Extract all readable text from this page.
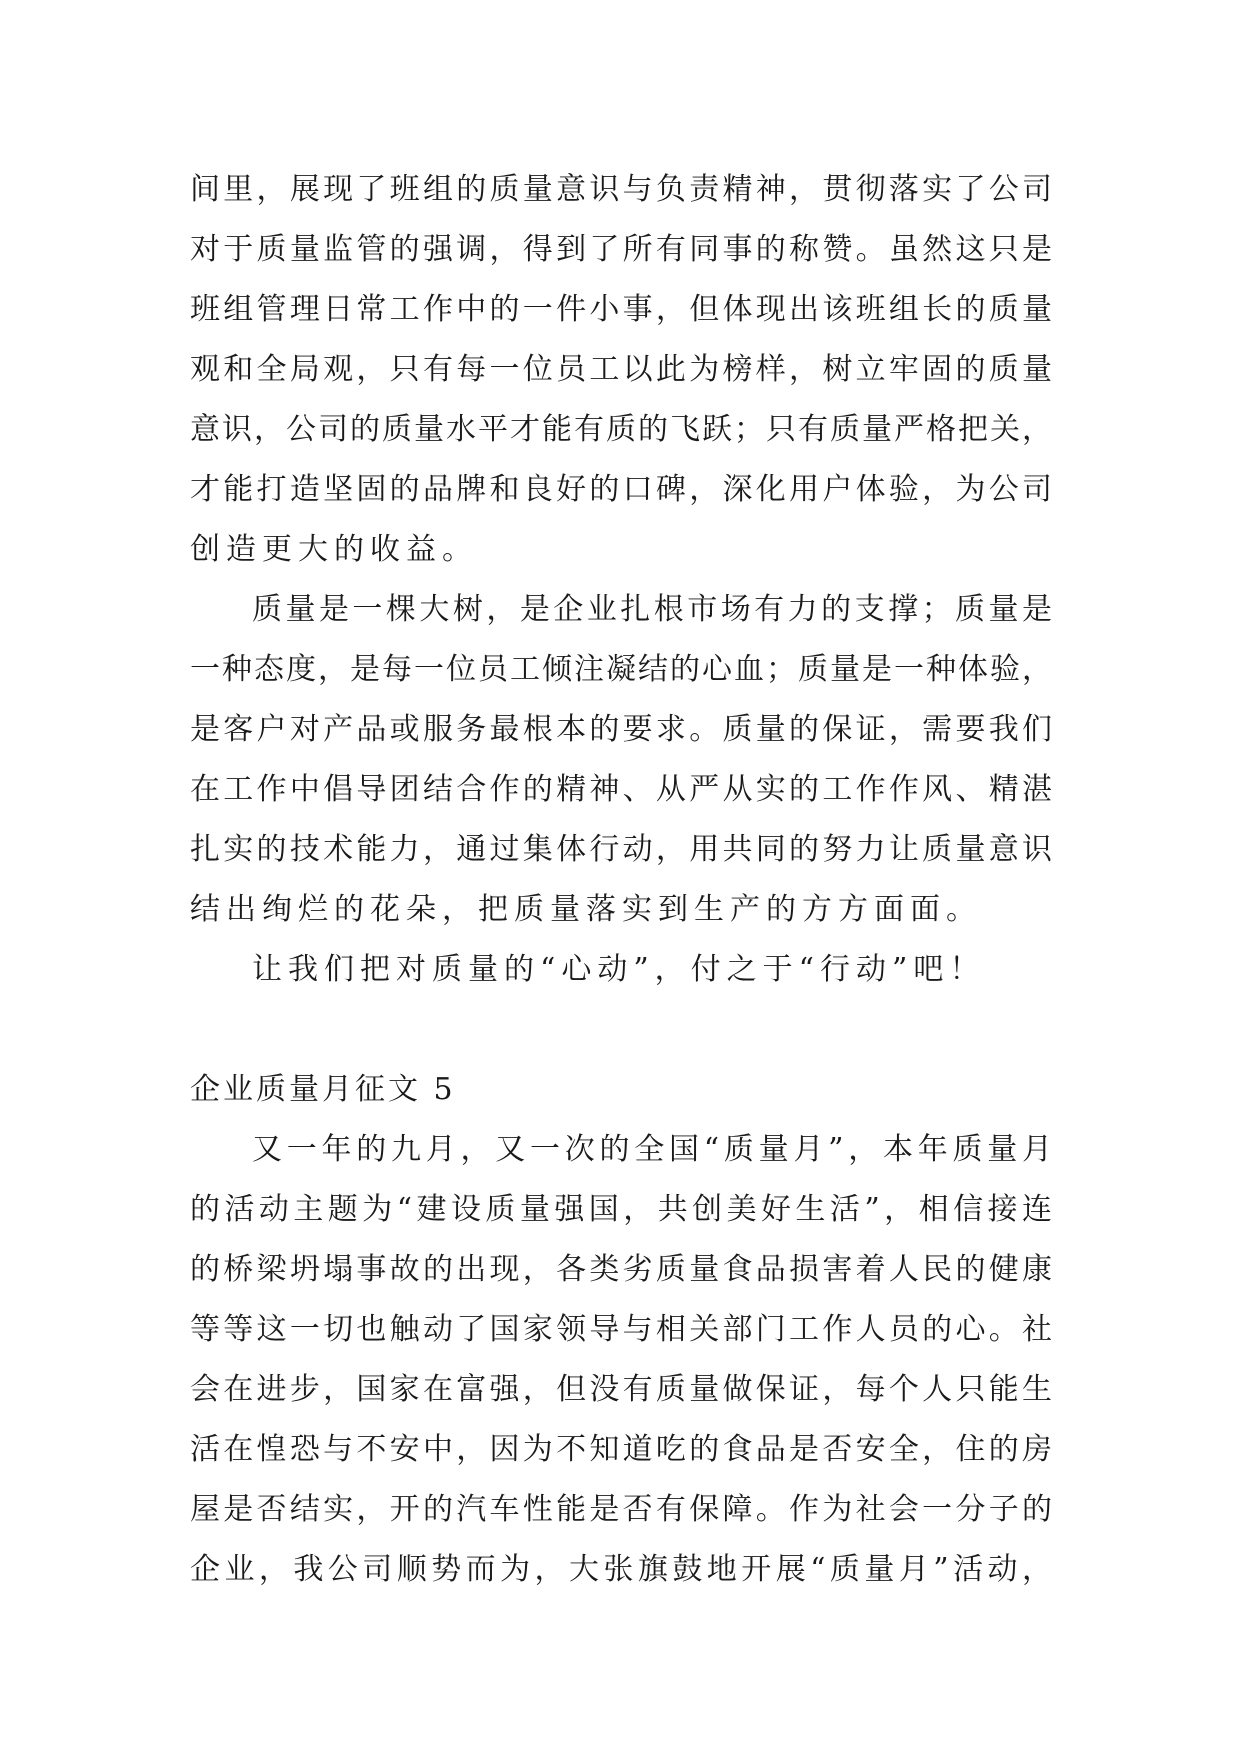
间里，展现了班组的质量意识与负责精神，贯彻落实了公司
对于质量监管的强调，得到了所有同事的称赞。虽然这只是
班组管理日常工作中的一件小事，但体现出该班组长的质量
观和全局观，只有每一位员工以此为榜样，树立牢固的质量
意识，公司的质量水平才能有质的飞跃；只有质量严格把关，
才能打造坚固的品牌和良好的口碑，深化用户体验，为公司
创造更大的收益。
质量是一棵大树，是企业扎根市场有力的支撑；质量是
一种态度，是每一位员工倾注凝结的心血；质量是一种体验，
是客户对产品或服务最根本的要求。质量的保证，需要我们
在工作中倡导团结合作的精神、从严从实的工作作风、精湛
扎实的技术能力，通过集体行动，用共同的努力让质量意识
结出绚烂的花朵，把质量落实到生产的方方面面。
让我们把对质量的“心动”，付之于“行动”吧！
企业质量月征文 5
又一年的九月，又一次的全国“质量月”，本年质量月
的活动主题为“建设质量强国，共创美好生活”，相信接连
的桥梁坍塌事故的出现，各类劣质量食品损害着人民的健康
等等这一切也触动了国家领导与相关部门工作人员的心。社
会在进步，国家在富强，但没有质量做保证，每个人只能生
活在惶恐与不安中，因为不知道吃的食品是否安全，住的房
屋是否结实，开的汽车性能是否有保障。作为社会一分子的
企业，我公司顺势而为，大张旗鼓地开展“质量月”活动，
